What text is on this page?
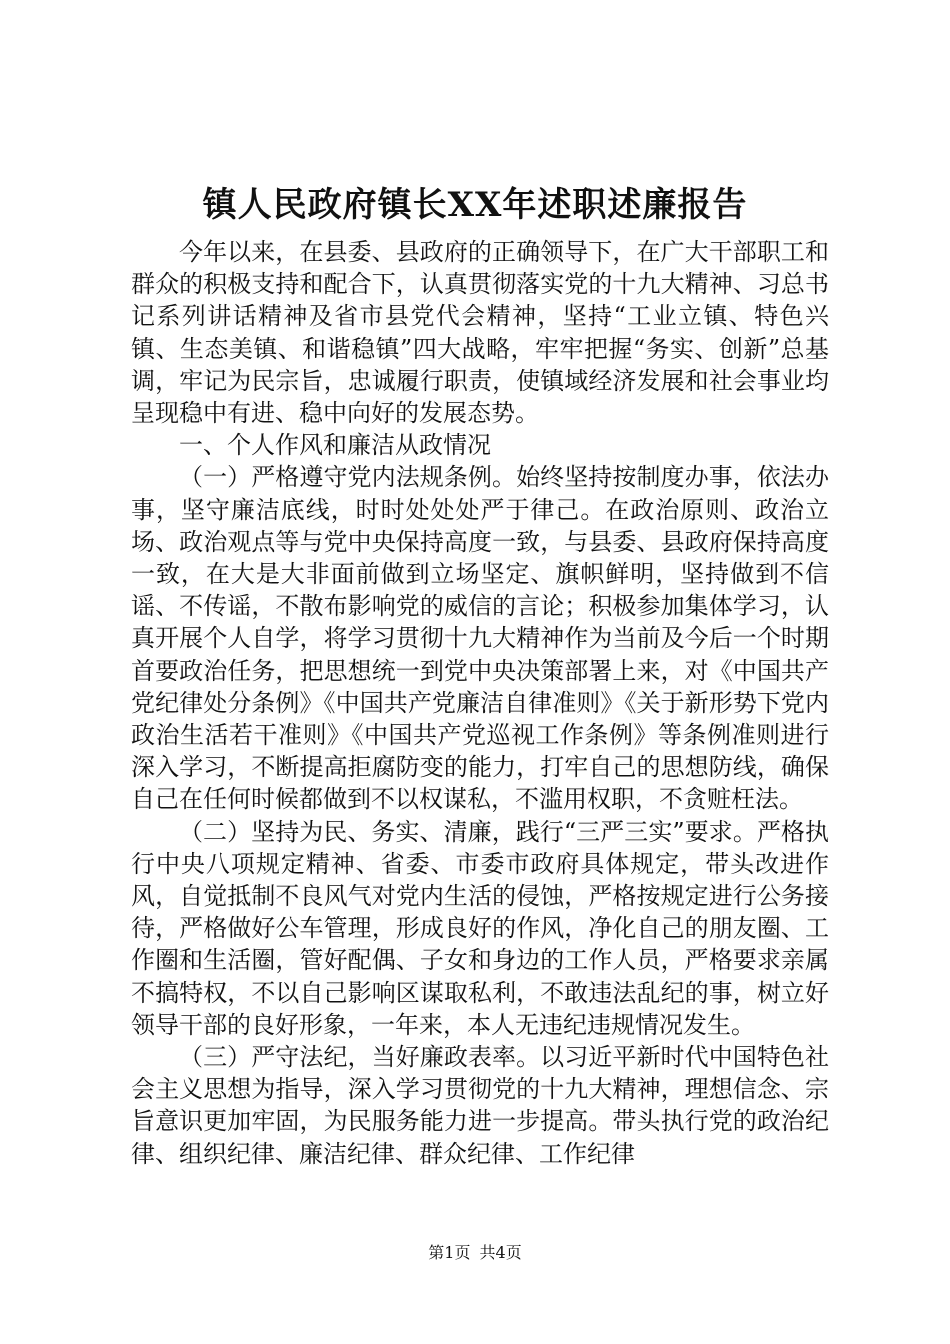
镇人民政府镇长XX年述职述廉报告

今年以来，在县委、县政府的正确领导下，在广大干部职工和群众的积极支持和配合下，认真贯彻落实党的十九大精神、习总书记系列讲话精神及省市县党代会精神，坚持“工业立镇、特色兴镇、生态美镇、和谐稳镇”四大战略，牢牢把握“务实、创新”总基调，牢记为民宗旨，忠诚履行职责，使镇域经济发展和社会事业均呈现稳中有进、稳中向好的发展态势。

一、个人作风和廉洁从政情况

（一）严格遵守党内法规条例。始终坚持按制度办事，依法办事，坚守廉洁底线，时时处处处严于律己。在政治原则、政治立场、政治观点等与党中央保持高度一致，与县委、县政府保持高度一致，在大是大非面前做到立场坚定、旗帜鲜明，坚持做到不信谣、不传谣，不散布影响党的威信的言论；积极参加集体学习，认真开展个人自学，将学习贯彻十九大精神作为当前及今后一个时期首要政治任务，把思想统一到党中央决策部署上来，对《中国共产党纪律处分条例》《中国共产党廉洁自律准则》《关于新形势下党内政治生活若干准则》《中国共产党巡视工作条例》等条例准则进行深入学习，不断提高拒腐防变的能力，打牢自己的思想防线，确保自己在任何时候都做到不以权谋私，不滥用权职，不贪赃枉法。

（二）坚持为民、务实、清廉，践行“三严三实”要求。严格执行中央八项规定精神、省委、市委市政府具体规定，带头改进作风，自觉抵制不良风气对党内生活的侵蚀，严格按规定进行公务接待，严格做好公车管理，形成良好的作风，净化自己的朋友圈、工作圈和生活圈，管好配偶、子女和身边的工作人员，严格要求亲属不搞特权，不以自己影响区谋取私利，不敢违法乱纪的事，树立好领导干部的良好形象，一年来，本人无违纪违规情况发生。

（三）严守法纪，当好廉政表率。以习近平新时代中国特色社会主义思想为指导，深入学习贯彻党的十九大精神，理想信念、宗旨意识更加牢固，为民服务能力进一步提高。带头执行党的政治纪律、组织纪律、廉洁纪律、群众纪律、工作纪律

第1页 共4页
